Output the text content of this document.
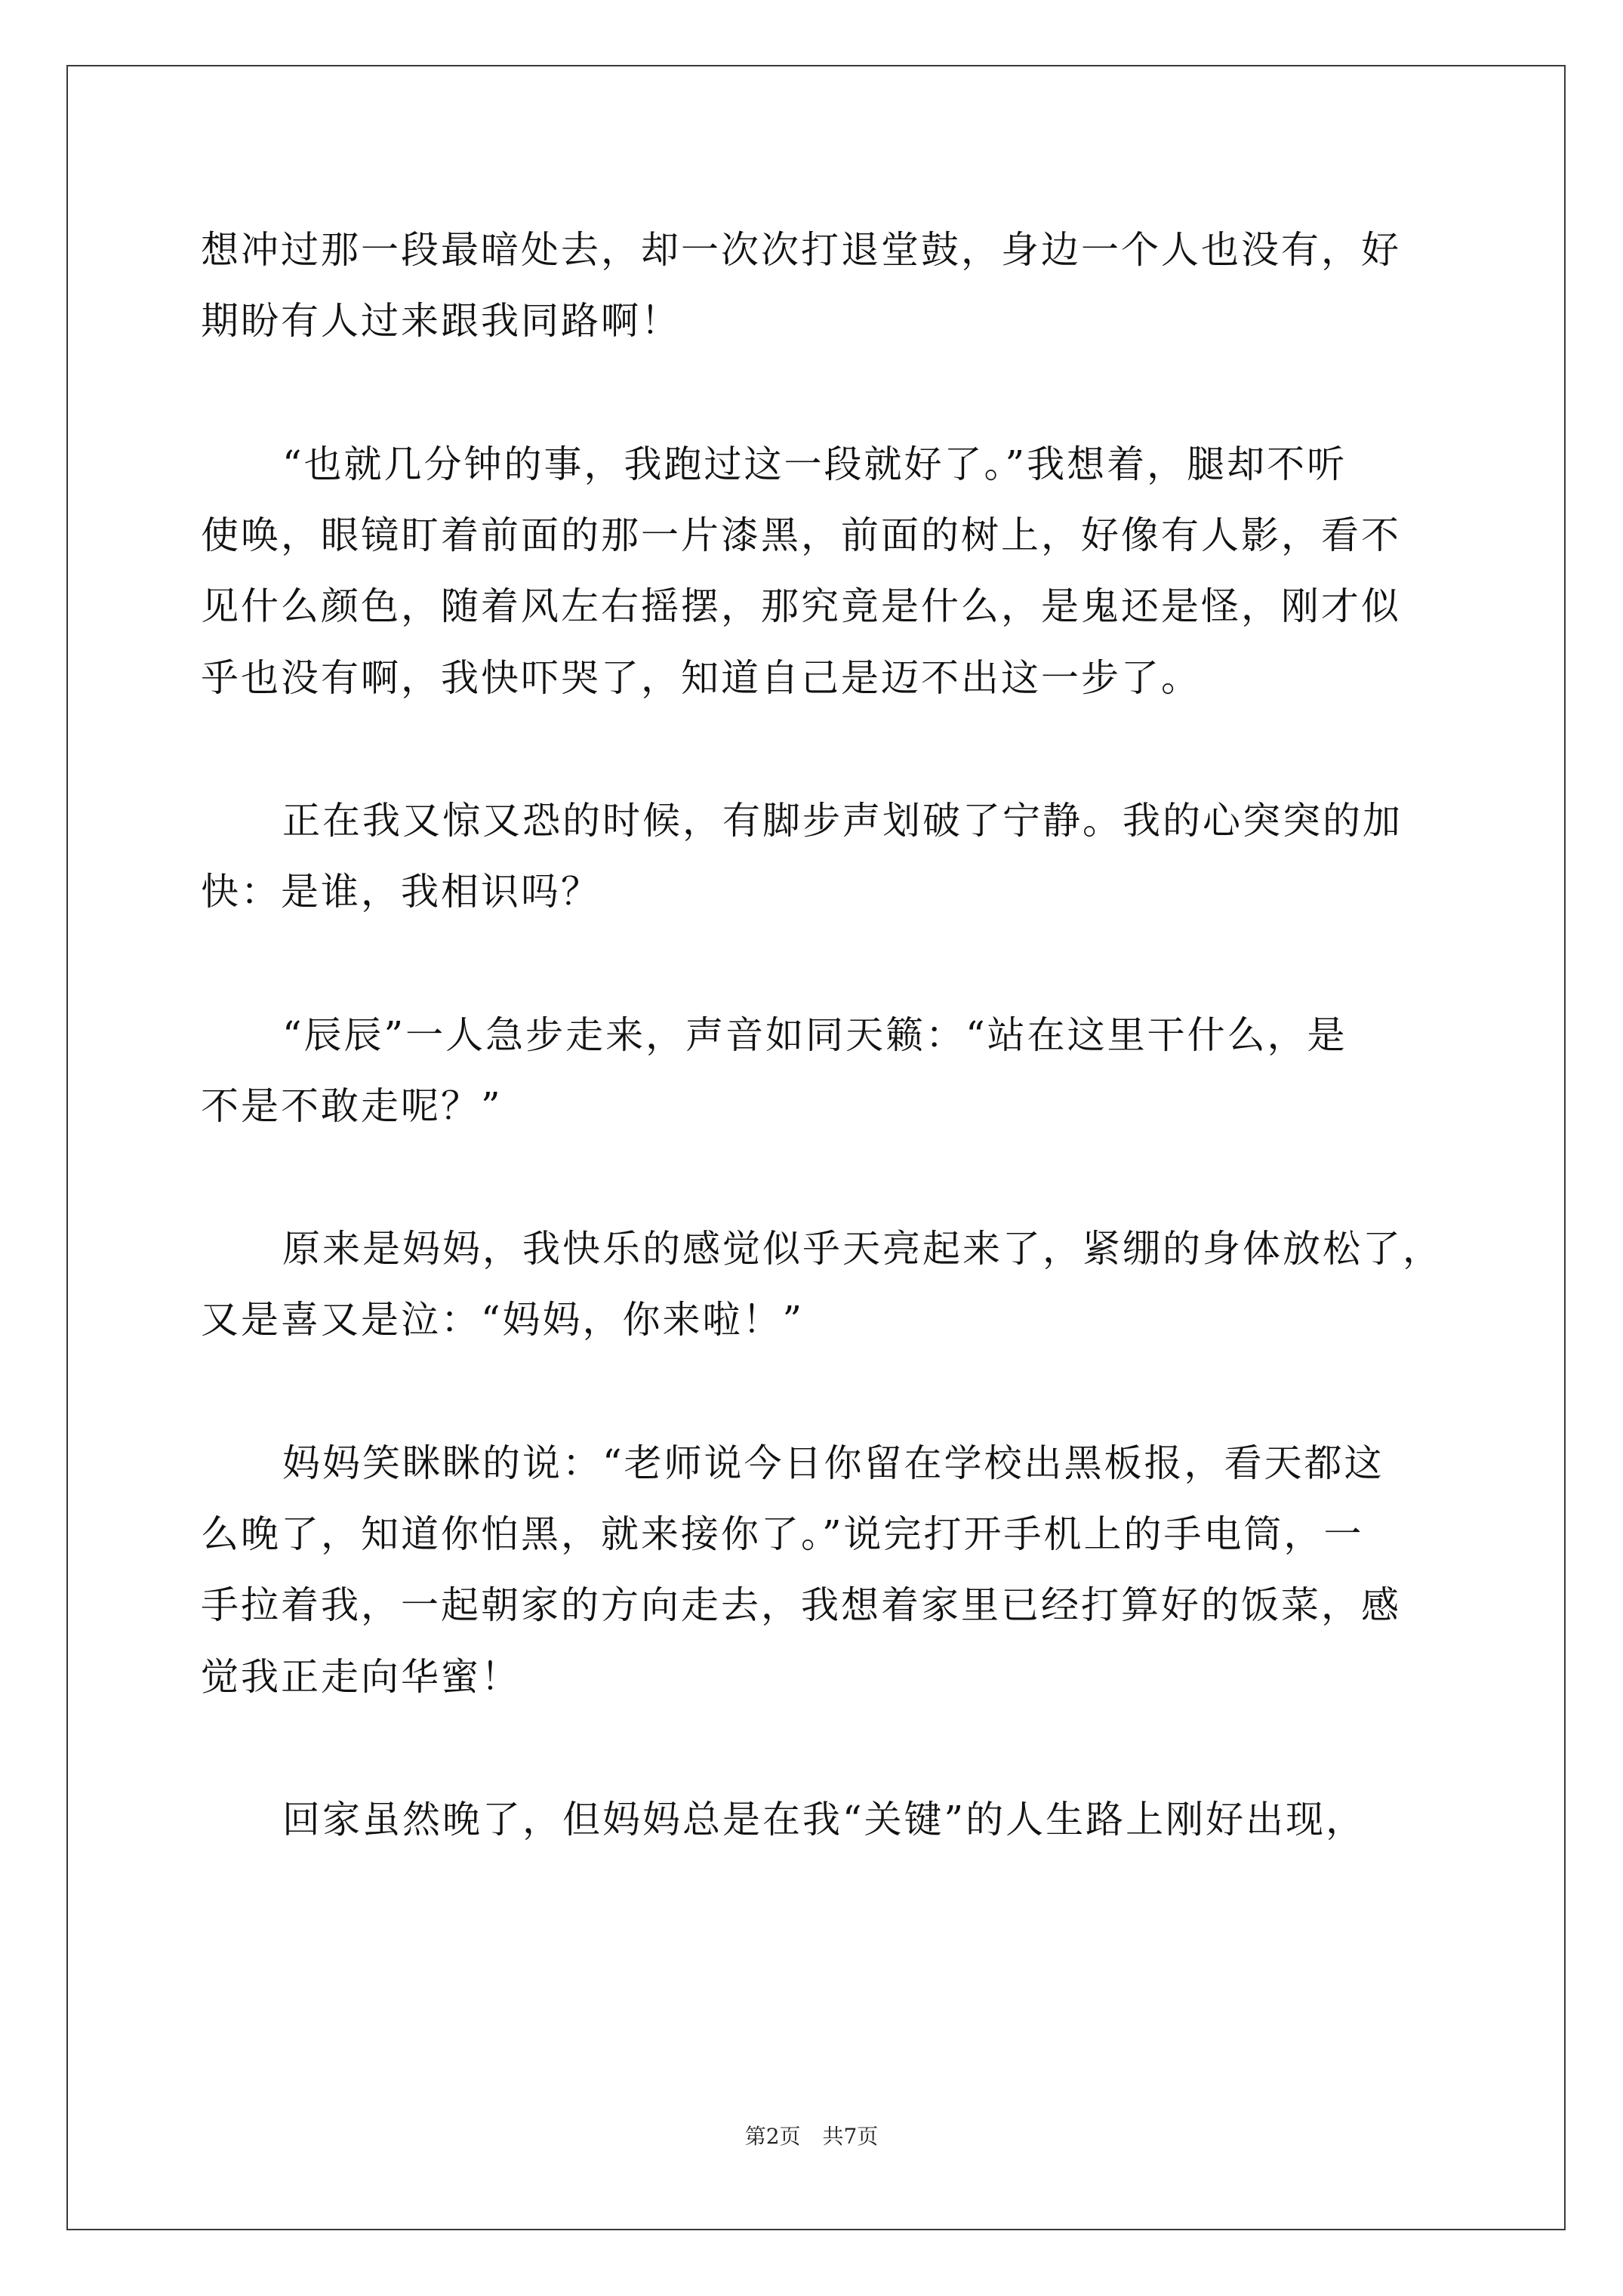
想冲过那一段最暗处去，却一次次打退堂鼓，身边一个人也没有，好
期盼有人过来跟我同路啊！
“也就几分钟的事，我跑过这一段就好了。”我想着，腿却不听
使唤，眼镜盯着前面的那一片漆黑，前面的树上，好像有人影，看不
见什么颜色，随着风左右摇摆，那究竟是什么，是鬼还是怪，刚才似
乎也没有啊，我快吓哭了，知道自己是迈不出这一步了。
正在我又惊又恐的时候，有脚步声划破了宁静。我的心突突的加
快：是谁，我相识吗？
“辰辰”一人急步走来，声音如同天籁：“站在这里干什么，是
不是不敢走呢？”
原来是妈妈，我快乐的感觉似乎天亮起来了，紧绷的身体放松了，
又是喜又是泣：“妈妈，你来啦！”
妈妈笑眯眯的说：“老师说今日你留在学校出黑板报，看天都这
么晚了，知道你怕黑，就来接你了。”说完打开手机上的手电筒，一
手拉着我，一起朝家的方向走去，我想着家里已经打算好的饭菜，感
觉我正走向华蜜！
回家虽然晚了，但妈妈总是在我“关键”的人生路上刚好出现，
第2页 共7页
